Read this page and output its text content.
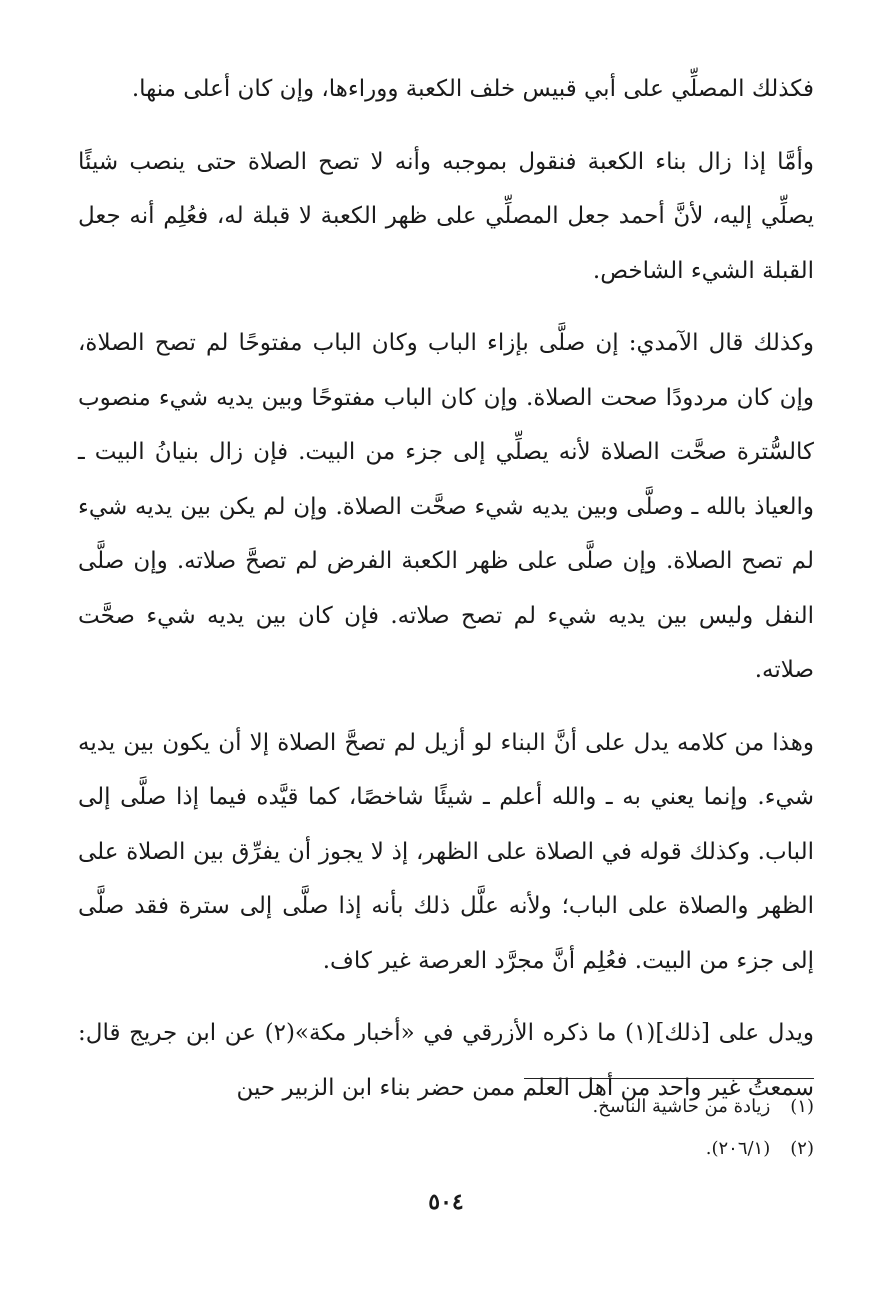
فكذلك المصلِّي على أبي قبيس خلف الكعبة ووراءها، وإن كان أعلى منها.

وأمَّا إذا زال بناء الكعبة فنقول بموجبه وأنه لا تصح الصلاة حتى ينصب شيئًا يصلِّي إليه، لأنَّ أحمد جعل المصلِّي على ظهر الكعبة لا قبلة له، فعُلِم أنه جعل القبلة الشيء الشاخص.

وكذلك قال الآمدي: إن صلَّى بإزاء الباب وكان الباب مفتوحًا لم تصح الصلاة، وإن كان مردودًا صحت الصلاة. وإن كان الباب مفتوحًا وبين يديه شيء منصوب كالسُّترة صحَّت الصلاة لأنه يصلِّي إلى جزء من البيت. فإن زال بنيانُ البيت ـ والعياذ بالله ـ وصلَّى وبين يديه شيء صحَّت الصلاة. وإن لم يكن بين يديه شيء لم تصح الصلاة. وإن صلَّى على ظهر الكعبة الفرض لم تصحَّ صلاته. وإن صلَّى النفل وليس بين يديه شيء لم تصح صلاته. فإن كان بين يديه شيء صحَّت صلاته.

وهذا من كلامه يدل على أنَّ البناء لو أزيل لم تصحَّ الصلاة إلا أن يكون بين يديه شيء. وإنما يعني به ـ والله أعلم ـ شيئًا شاخصًا، كما قيَّده فيما إذا صلَّى إلى الباب. وكذلك قوله في الصلاة على الظهر، إذ لا يجوز أن يفرِّق بين الصلاة على الظهر والصلاة على الباب؛ ولأنه علَّل ذلك بأنه إذا صلَّى إلى سترة فقد صلَّى إلى جزء من البيت. فعُلِم أنَّ مجرَّد العرصة غير كاف.

ويدل على [ذلك](١) ما ذكره الأزرقي في «أخبار مكة»(٢) عن ابن جريج قال: سمعتُ غير واحد من أهل العلم ممن حضر بناء ابن الزبير حين

(١) زيادة من حاشية الناسخ.

(٢) (٢٠٦/١).

٥٠٤
